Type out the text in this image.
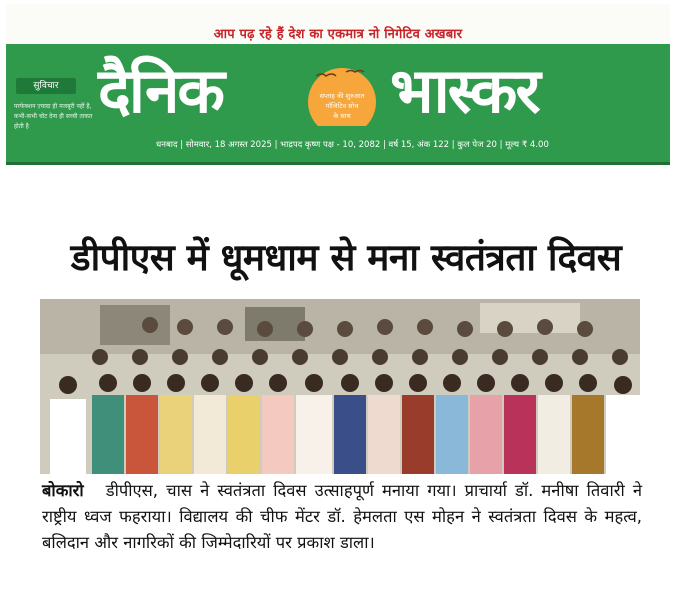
आप पढ़ रहे हैं देश का एकमात्र नो निगेटिव अखबार
सुविचार
परफेक्शन ज़्यादा ही मजबूरी नहीं है, कभी-कभी चोट देना ही सच्ची ताकत होती है	दैनिक	सप्ताह की शुरुआत
पॉजिटिव सोच
के साथ भास्कर
धनबाद | सोमवार, 18 अगस्त 2025 | भाद्रपद कृष्ण पक्ष - 10, 2082 | वर्ष 15, अंक 122 | कुल पेज 20 | मूल्य ₹ 4.00
डीपीएस में धूमधाम से मना स्वतंत्रता दिवस
बोकारो डीपीएस, चास ने स्वतंत्रता दिवस उत्साहपूर्ण मनाया गया। प्राचार्या डॉ. मनीषा तिवारी ने राष्ट्रीय ध्वज फहराया। विद्यालय की चीफ मेंटर डॉ. हेमलता एस मोहन ने स्वतंत्रता दिवस के महत्व, बलिदान और नागरिकों की जिम्मेदारियों पर प्रकाश डाला।
